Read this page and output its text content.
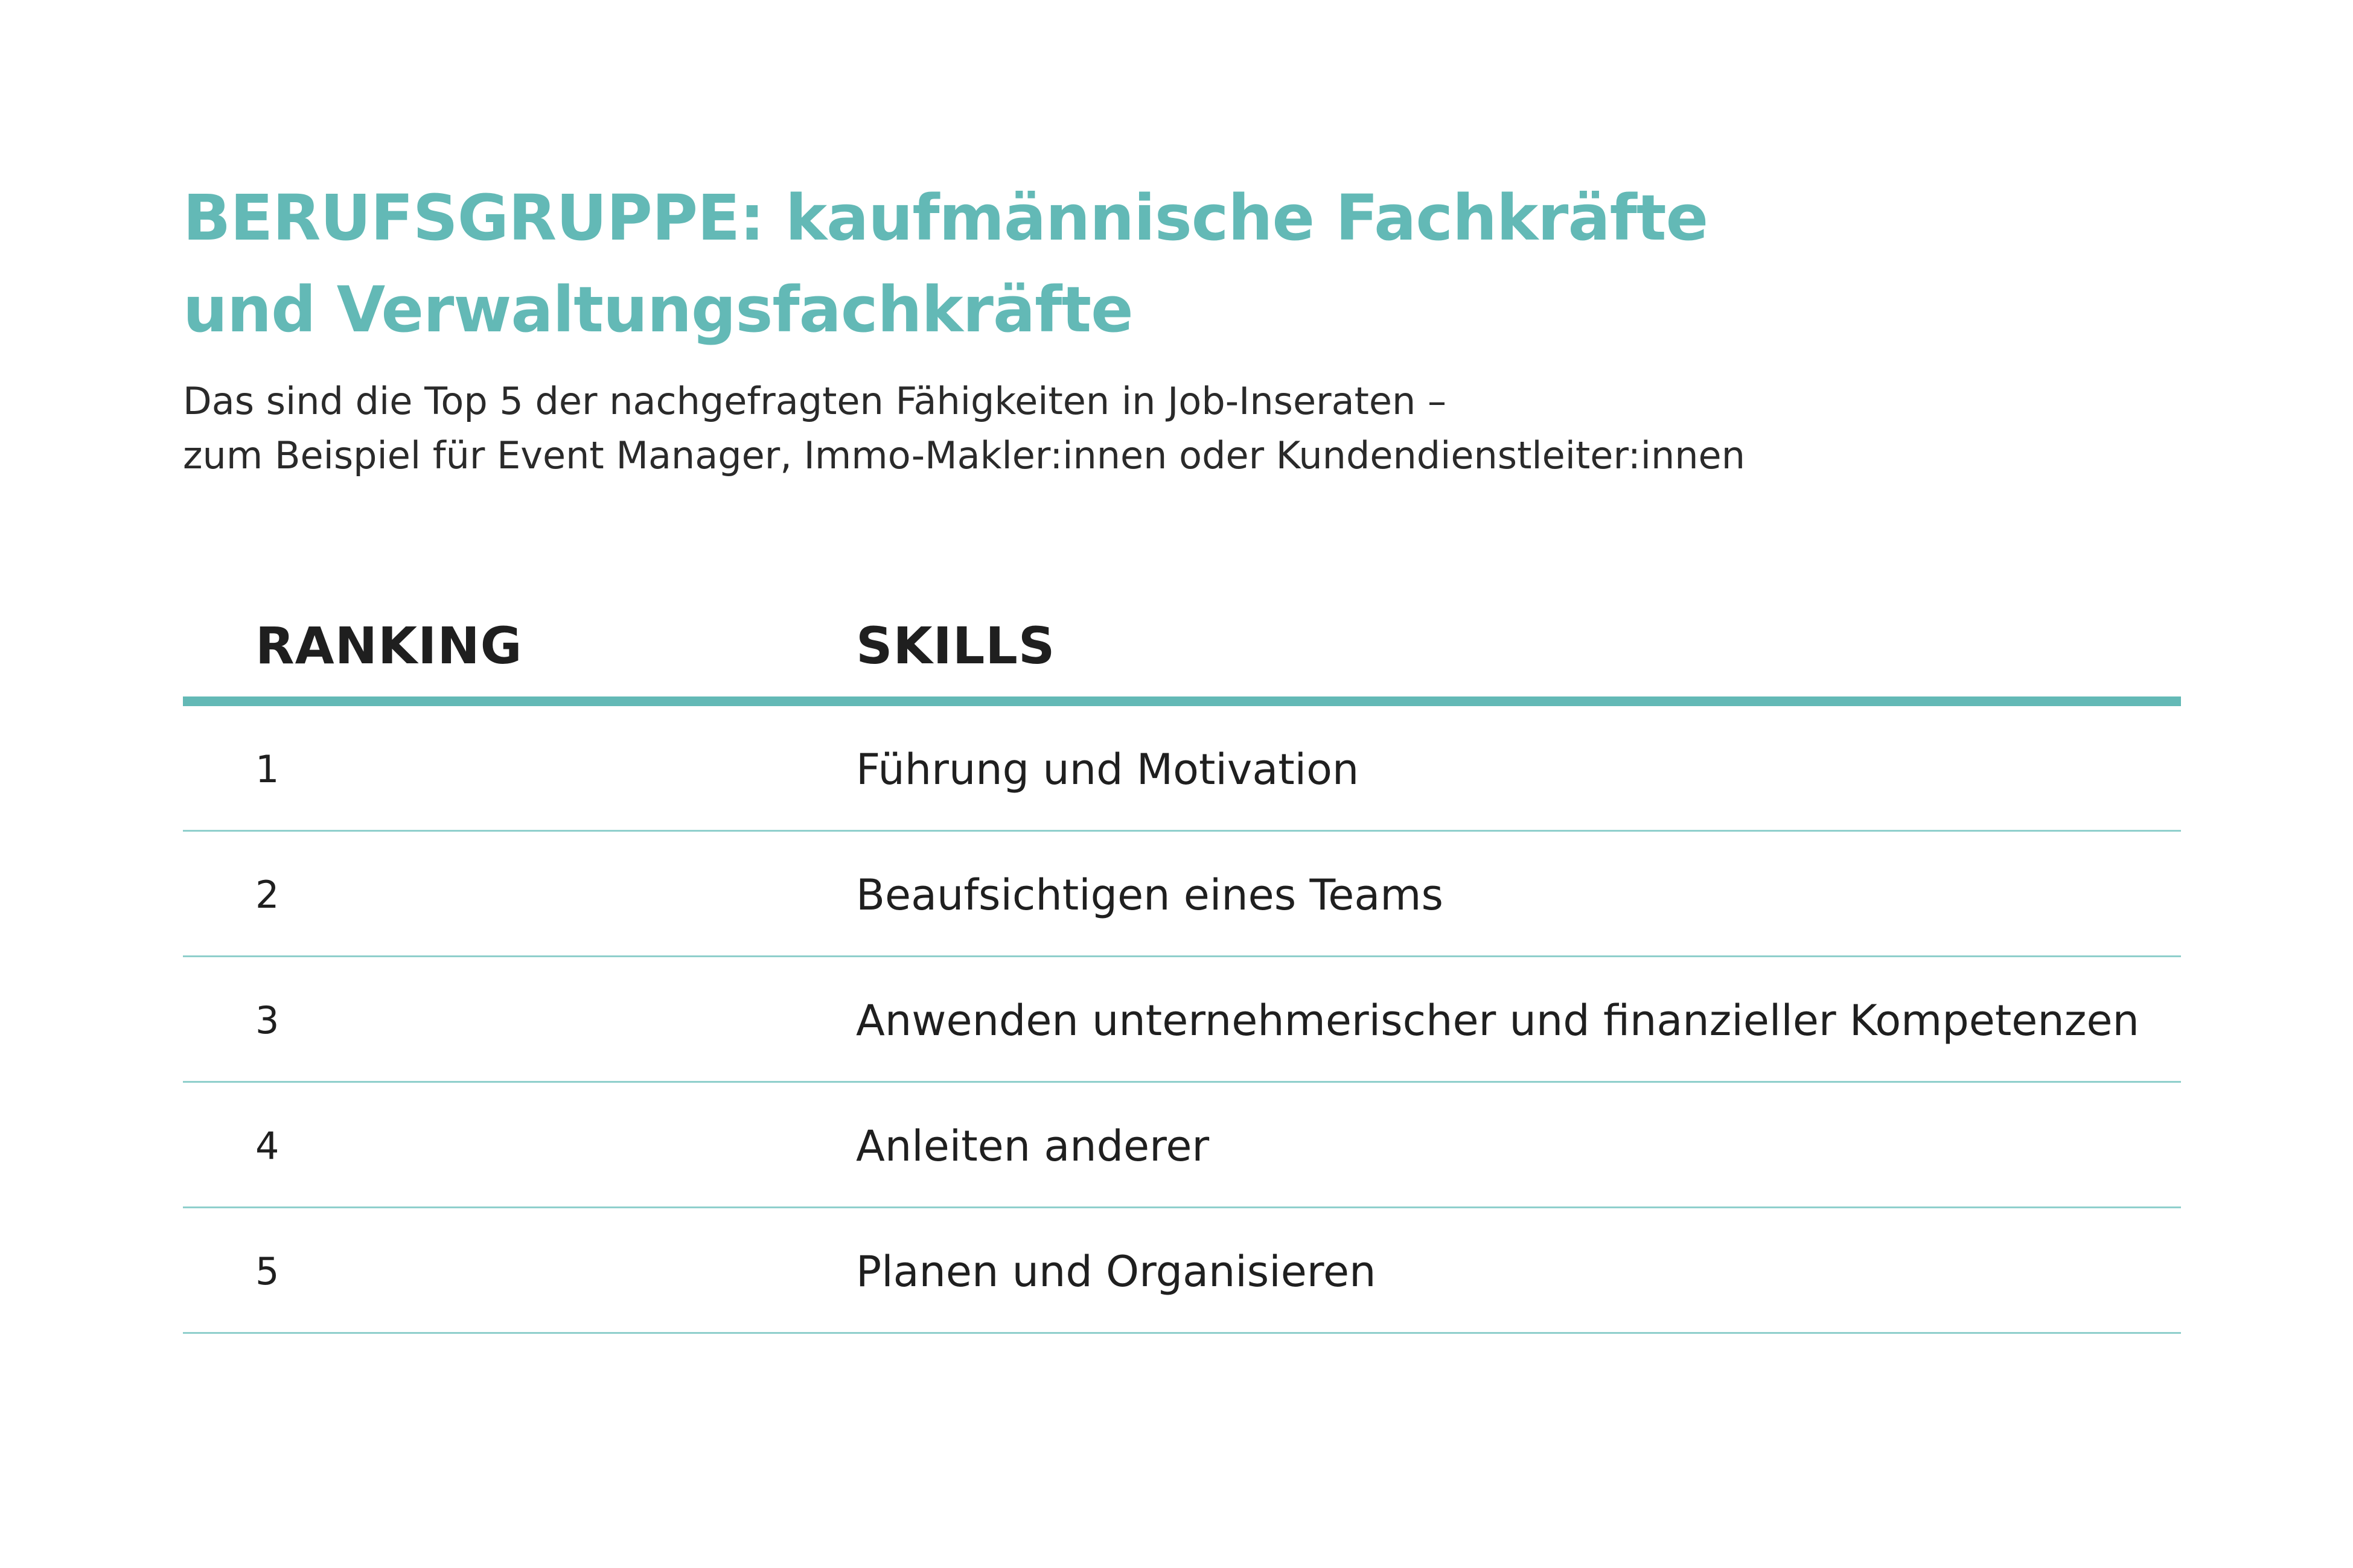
BERUFSGRUPPE: kaufmännische Fachkräfte
und Verwaltungsfachkräfte

Das sind die Top 5 der nachgefragten Fähigkeiten in Job-Inseraten –
zum Beispiel für Event Manager, Immo-Makler:innen oder Kundendienstleiter:innen

RANKING	SKILLS
1	Führung und Motivation
2	Beaufsichtigen eines Teams
3	Anwenden unternehmerischer und finanzieller Kompetenzen
4	Anleiten anderer
5	Planen und Organisieren
